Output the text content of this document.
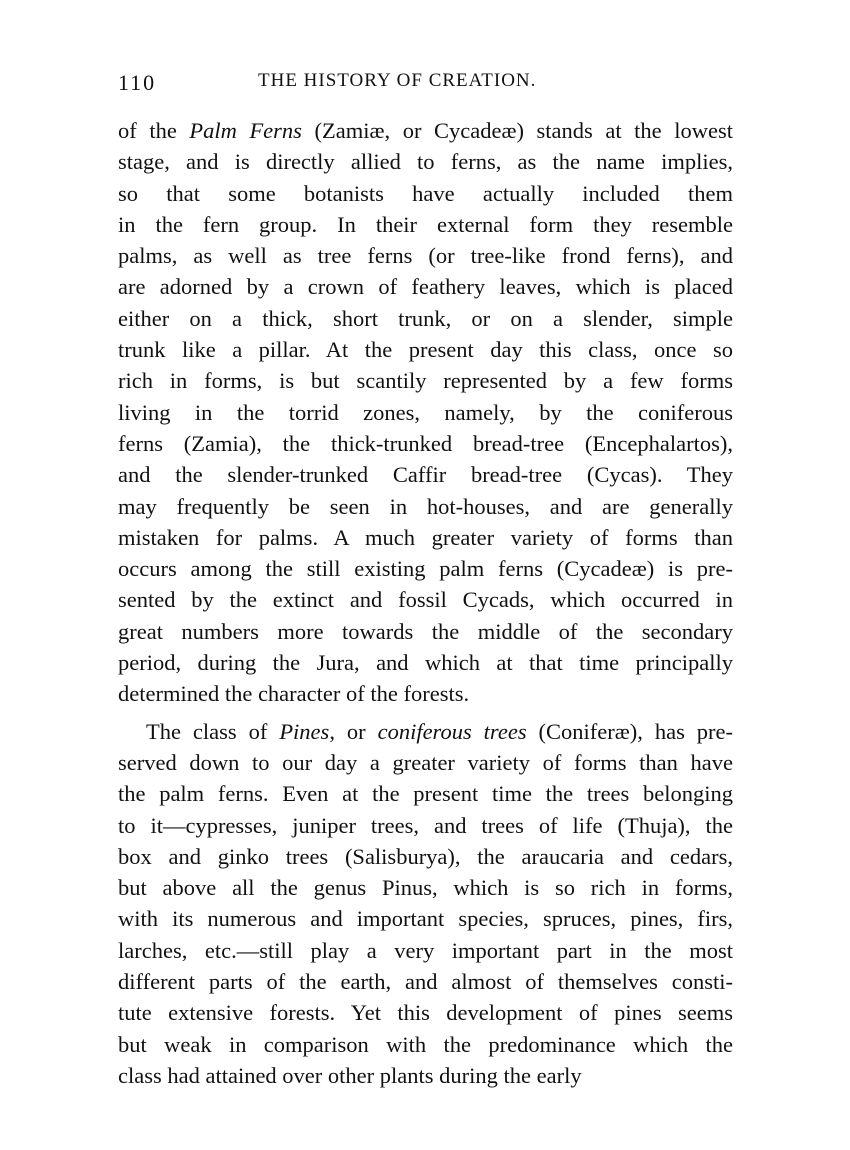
110	THE HISTORY OF CREATION.
of the Palm Ferns (Zamiæ, or Cycadeæ) stands at the lowest
stage, and is directly allied to ferns, as the name implies,
so that some botanists have actually included them
in the fern group. In their external form they resemble
palms, as well as tree ferns (or tree-like frond ferns), and
are adorned by a crown of feathery leaves, which is placed
either on a thick, short trunk, or on a slender, simple
trunk like a pillar. At the present day this class, once so
rich in forms, is but scantily represented by a few forms
living in the torrid zones, namely, by the coniferous
ferns (Zamia), the thick-trunked bread-tree (Encephalartos),
and the slender-trunked Caffir bread-tree (Cycas). They
may frequently be seen in hot-houses, and are generally
mistaken for palms. A much greater variety of forms than
occurs among the still existing palm ferns (Cycadeæ) is pre-
sented by the extinct and fossil Cycads, which occurred in
great numbers more towards the middle of the secondary
period, during the Jura, and which at that time principally
determined the character of the forests.
The class of Pines, or coniferous trees (Coniferæ), has pre-
served down to our day a greater variety of forms than have
the palm ferns. Even at the present time the trees belonging
to it—cypresses, juniper trees, and trees of life (Thuja), the
box and ginko trees (Salisburya), the araucaria and cedars,
but above all the genus Pinus, which is so rich in forms,
with its numerous and important species, spruces, pines, firs,
larches, etc.—still play a very important part in the most
different parts of the earth, and almost of themselves consti-
tute extensive forests. Yet this development of pines seems
but weak in comparison with the predominance which the
class had attained over other plants during the early
